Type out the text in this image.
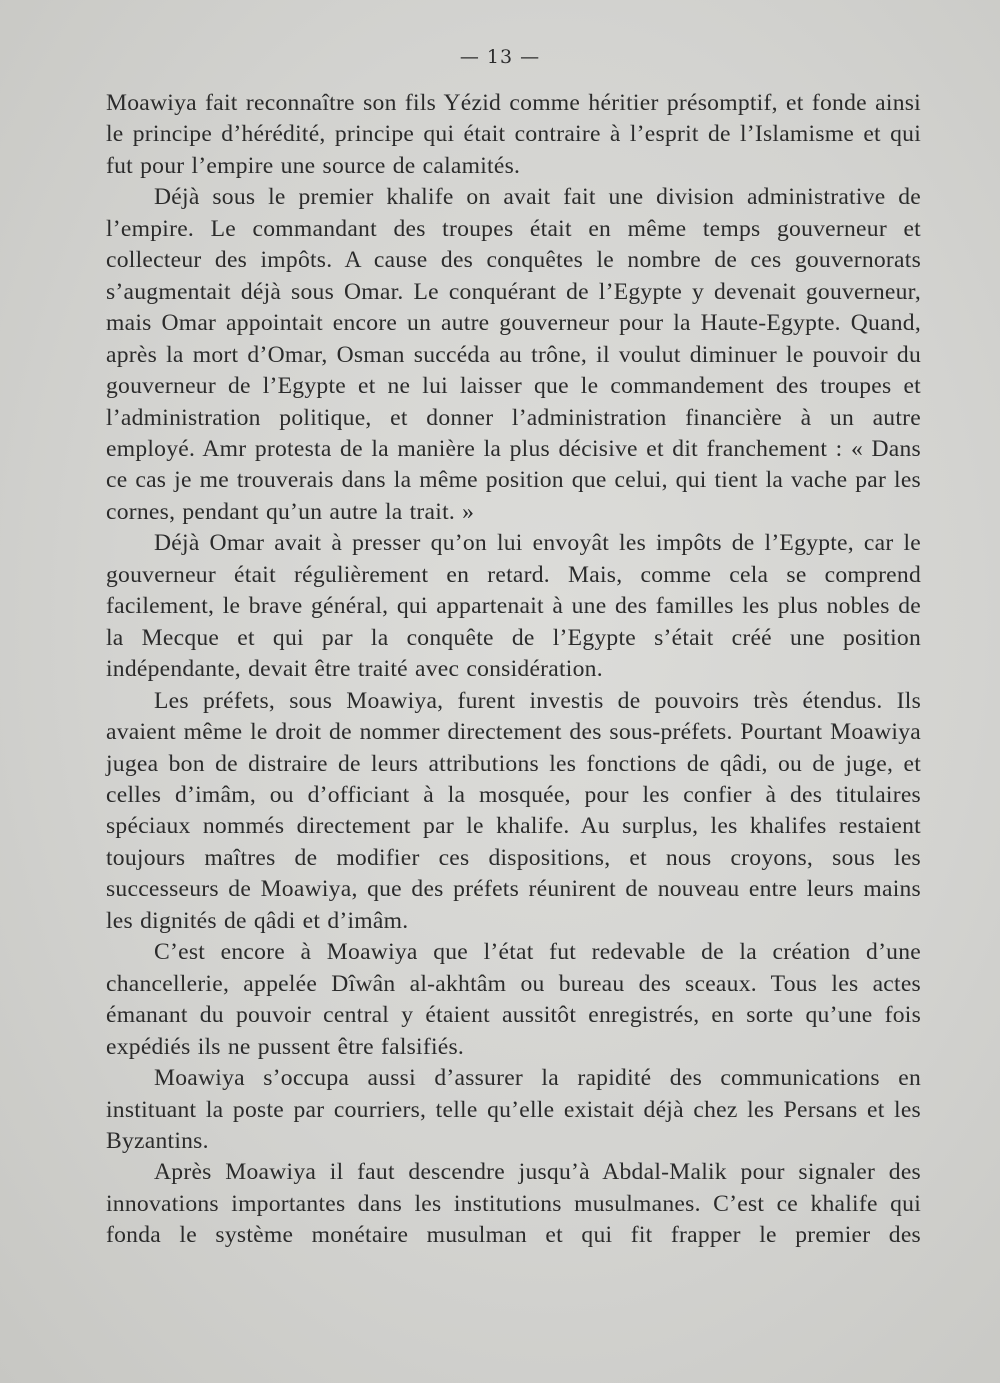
— 13 —

Moawiya fait reconnaître son fils Yézid comme héritier présomptif, et fonde ainsi le principe d’hérédité, principe qui était contraire à l’esprit de l’Islamisme et qui fut pour l’empire une source de calamités.

Déjà sous le premier khalife on avait fait une division administrative de l’empire. Le commandant des troupes était en même temps gouverneur et collecteur des impôts. A cause des conquêtes le nombre de ces gouvernorats s’augmentait déjà sous Omar. Le conquérant de l’Egypte y devenait gouverneur, mais Omar appointait encore un autre gouverneur pour la Haute-Egypte. Quand, après la mort d’Omar, Osman succéda au trône, il voulut diminuer le pouvoir du gouverneur de l’Egypte et ne lui laisser que le commandement des troupes et l’administration politique, et donner l’administration financière à un autre employé. Amr protesta de la manière la plus décisive et dit franchement : « Dans ce cas je me trouverais dans la même position que celui, qui tient la vache par les cornes, pendant qu’un autre la trait. »

Déjà Omar avait à presser qu’on lui envoyât les impôts de l’Egypte, car le gouverneur était régulièrement en retard. Mais, comme cela se comprend facilement, le brave général, qui appartenait à une des familles les plus nobles de la Mecque et qui par la conquête de l’Egypte s’était créé une position indépendante, devait être traité avec considération.

Les préfets, sous Moawiya, furent investis de pouvoirs très étendus. Ils avaient même le droit de nommer directement des sous-préfets. Pourtant Moawiya jugea bon de distraire de leurs attributions les fonctions de qâdi, ou de juge, et celles d’imâm, ou d’officiant à la mosquée, pour les confier à des titulaires spéciaux nommés directement par le khalife. Au surplus, les khalifes restaient toujours maîtres de modifier ces dispositions, et nous croyons, sous les successeurs de Moawiya, que des préfets réunirent de nouveau entre leurs mains les dignités de qâdi et d’imâm.

C’est encore à Moawiya que l’état fut redevable de la création d’une chancellerie, appelée Dîwân al-akhtâm ou bureau des sceaux. Tous les actes émanant du pouvoir central y étaient aussitôt enregistrés, en sorte qu’une fois expédiés ils ne pussent être falsifiés.

Moawiya s’occupa aussi d’assurer la rapidité des communications en instituant la poste par courriers, telle qu’elle existait déjà chez les Persans et les Byzantins.

Après Moawiya il faut descendre jusqu’à Abdal-Malik pour signaler des innovations importantes dans les institutions musulmanes. C’est ce khalife qui fonda le système monétaire musulman et qui fit frapper le premier des
